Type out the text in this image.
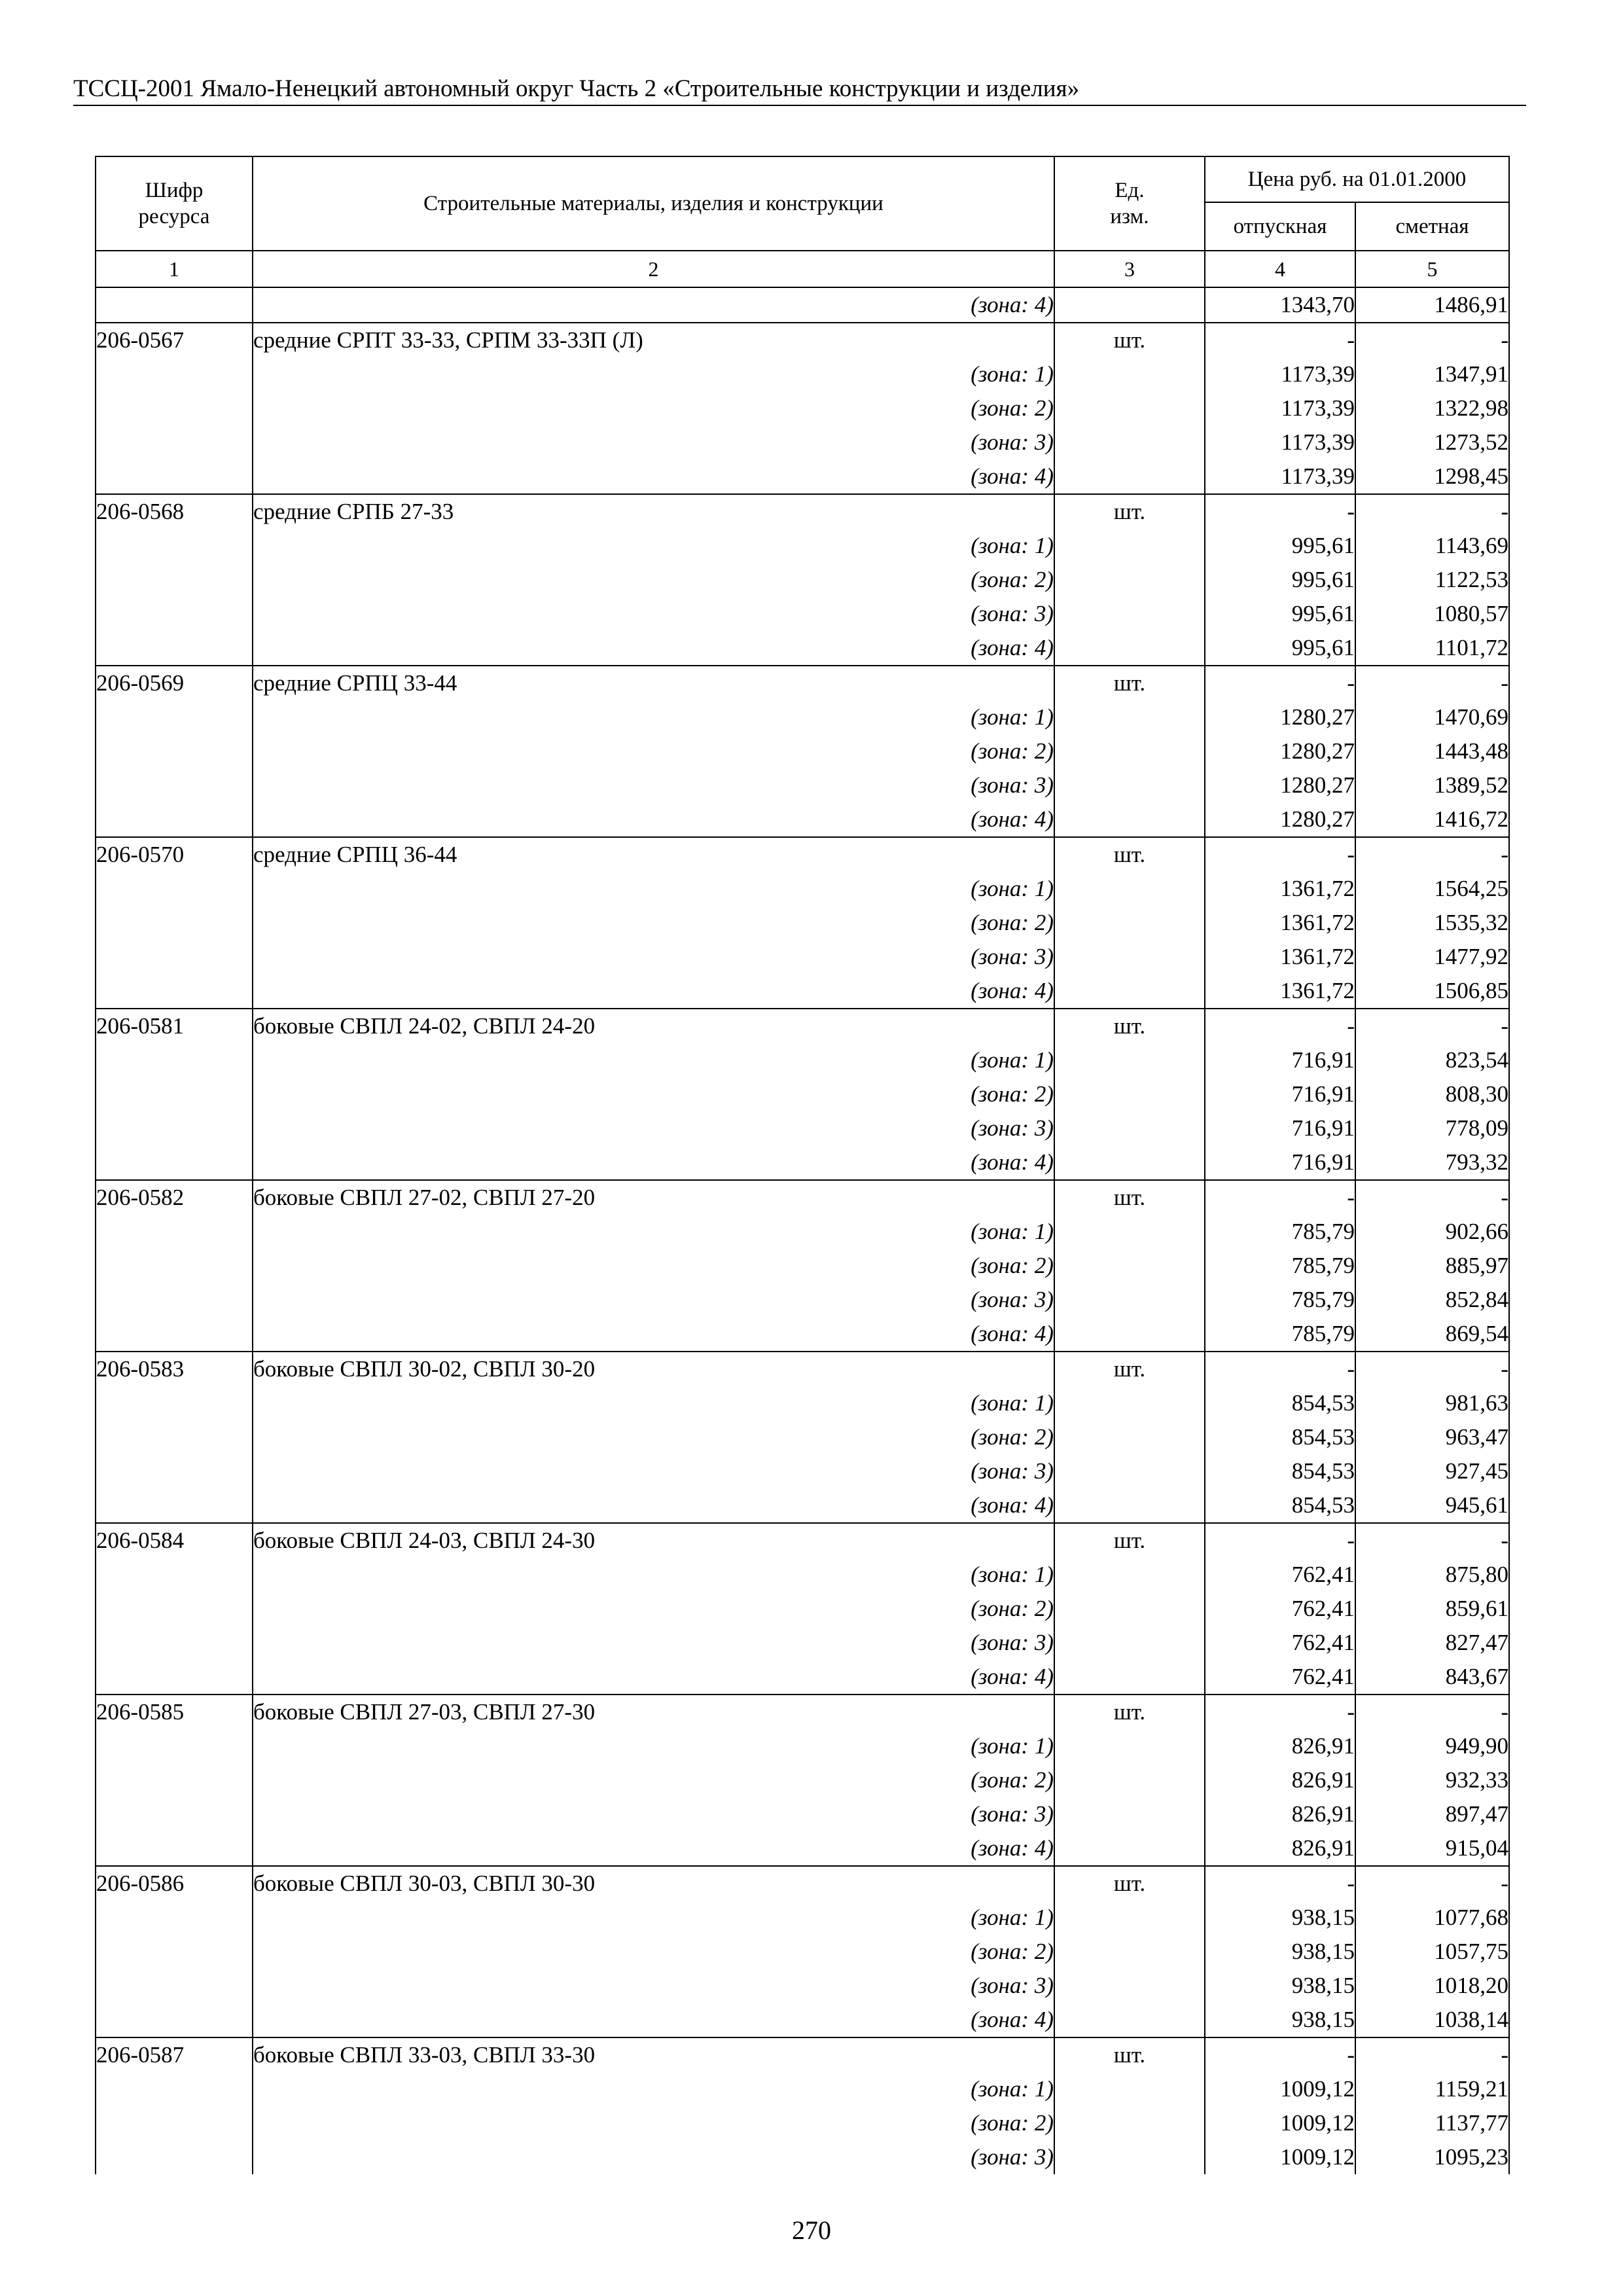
ТССЦ-2001 Ямало-Ненецкий автономный округ Часть 2 «Строительные конструкции и изделия»
Шифр ресурса	Строительные материалы, изделия и конструкции	Ед. изм.	Цена руб. на 01.01.2000	
			отпускная	сметная
1	2	3	4	5
	(зона: 4)		1343,70	1486,91
206-0567	средние СРПТ 33-33, СРПМ 33-33П (Л)	шт.	-	-
	(зона: 1)		1173,39	1347,91
	(зона: 2)		1173,39	1322,98
	(зона: 3)		1173,39	1273,52
	(зона: 4)		1173,39	1298,45
206-0568	средние СРПБ 27-33	шт.	-	-
	(зона: 1)		995,61	1143,69
	(зона: 2)		995,61	1122,53
	(зона: 3)		995,61	1080,57
	(зона: 4)		995,61	1101,72
206-0569	средние СРПЦ 33-44	шт.	-	-
	(зона: 1)		1280,27	1470,69
	(зона: 2)		1280,27	1443,48
	(зона: 3)		1280,27	1389,52
	(зона: 4)		1280,27	1416,72
206-0570	средние СРПЦ 36-44	шт.	-	-
	(зона: 1)		1361,72	1564,25
	(зона: 2)		1361,72	1535,32
	(зона: 3)		1361,72	1477,92
	(зона: 4)		1361,72	1506,85
206-0581	боковые СВПЛ 24-02, СВПЛ 24-20	шт.	-	-
	(зона: 1)		716,91	823,54
	(зона: 2)		716,91	808,30
	(зона: 3)		716,91	778,09
	(зона: 4)		716,91	793,32
206-0582	боковые СВПЛ 27-02, СВПЛ 27-20	шт.	-	-
	(зона: 1)		785,79	902,66
	(зона: 2)		785,79	885,97
	(зона: 3)		785,79	852,84
	(зона: 4)		785,79	869,54
206-0583	боковые СВПЛ 30-02, СВПЛ 30-20	шт.	-	-
	(зона: 1)		854,53	981,63
	(зона: 2)		854,53	963,47
	(зона: 3)		854,53	927,45
	(зона: 4)		854,53	945,61
206-0584	боковые СВПЛ 24-03, СВПЛ 24-30	шт.	-	-
	(зона: 1)		762,41	875,80
	(зона: 2)		762,41	859,61
	(зона: 3)		762,41	827,47
	(зона: 4)		762,41	843,67
206-0585	боковые СВПЛ 27-03, СВПЛ 27-30	шт.	-	-
	(зона: 1)		826,91	949,90
	(зона: 2)		826,91	932,33
	(зона: 3)		826,91	897,47
	(зона: 4)		826,91	915,04
206-0586	боковые СВПЛ 30-03, СВПЛ 30-30	шт.	-	-
	(зона: 1)		938,15	1077,68
	(зона: 2)		938,15	1057,75
	(зона: 3)		938,15	1018,20
	(зона: 4)		938,15	1038,14
206-0587	боковые СВПЛ 33-03, СВПЛ 33-30	шт.	-	-
	(зона: 1)		1009,12	1159,21
	(зона: 2)		1009,12	1137,77
	(зона: 3)		1009,12	1095,23
270
